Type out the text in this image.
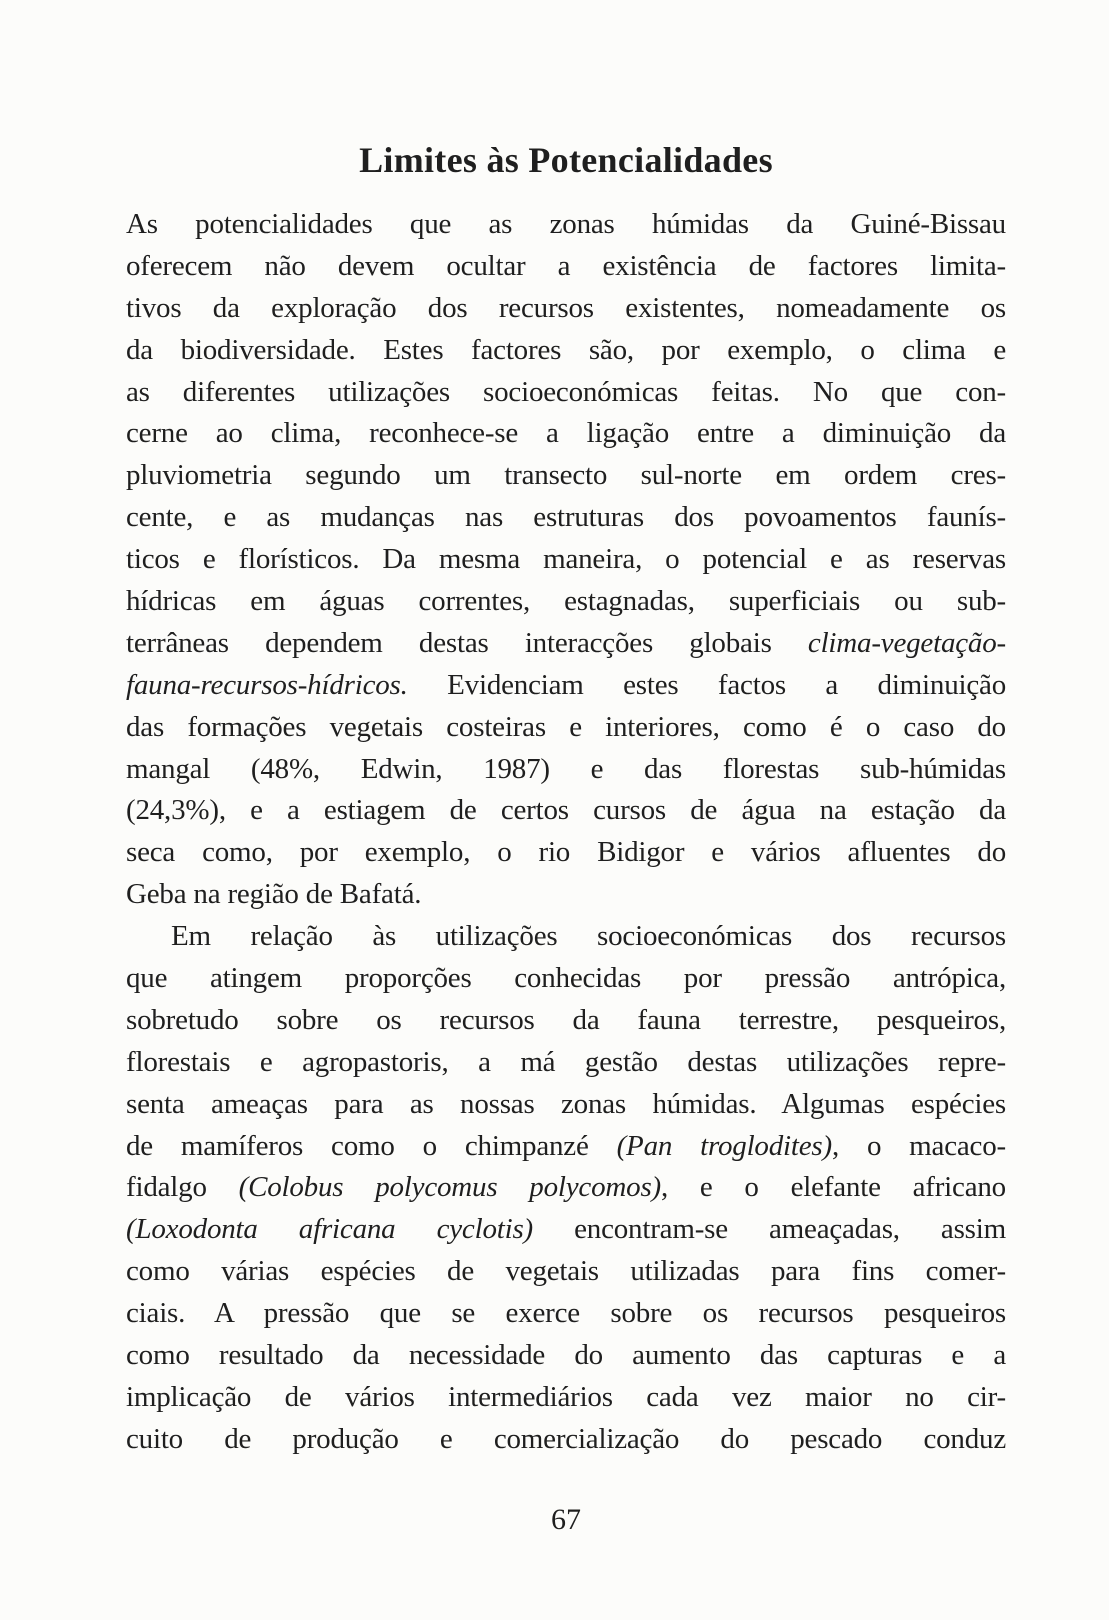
Limites às Potencialidades
As potencialidades que as zonas húmidas da Guiné-Bissau
oferecem não devem ocultar a existência de factores limita-
tivos da exploração dos recursos existentes, nomeadamente os
da biodiversidade. Estes factores são, por exemplo, o clima e
as diferentes utilizações socioeconómicas feitas. No que con-
cerne ao clima, reconhece-se a ligação entre a diminuição da
pluviometria segundo um transecto sul-norte em ordem cres-
cente, e as mudanças nas estruturas dos povoamentos faunís-
ticos e florísticos. Da mesma maneira, o potencial e as reservas
hídricas em águas correntes, estagnadas, superficiais ou sub-
terrâneas dependem destas interacções globais clima-vegetação-
fauna-recursos-hídricos. Evidenciam estes factos a diminuição
das formações vegetais costeiras e interiores, como é o caso do
mangal (48%, Edwin, 1987) e das florestas sub-húmidas
(24,3%), e a estiagem de certos cursos de água na estação da
seca como, por exemplo, o rio Bidigor e vários afluentes do
Geba na região de Bafatá.
Em relação às utilizações socioeconómicas dos recursos
que atingem proporções conhecidas por pressão antrópica,
sobretudo sobre os recursos da fauna terrestre, pesqueiros,
florestais e agropastoris, a má gestão destas utilizações repre-
senta ameaças para as nossas zonas húmidas. Algumas espécies
de mamíferos como o chimpanzé (Pan troglodites), o macaco-
fidalgo (Colobus polycomus polycomos), e o elefante africano
(Loxodonta africana cyclotis) encontram-se ameaçadas, assim
como várias espécies de vegetais utilizadas para fins comer-
ciais. A pressão que se exerce sobre os recursos pesqueiros
como resultado da necessidade do aumento das capturas e a
implicação de vários intermediários cada vez maior no cir-
cuito de produção e comercialização do pescado conduz
67
